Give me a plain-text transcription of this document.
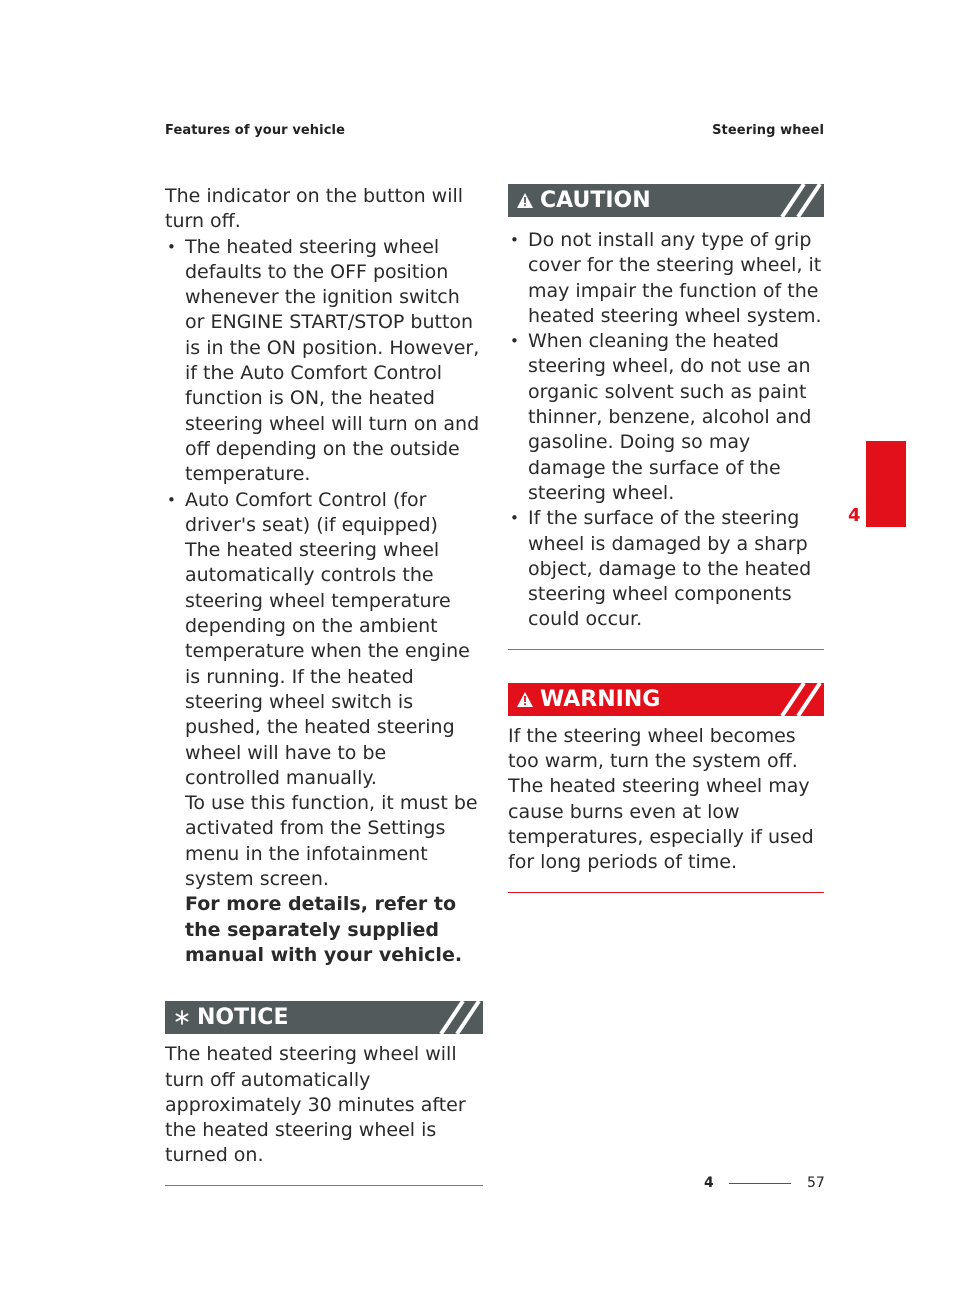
Features of your vehicle	Steering wheel

The indicator on the button will turn off.

• The heated steering wheel defaults to the OFF position whenever the ignition switch or ENGINE START/STOP button is in the ON position. However, if the Auto Comfort Control function is ON, the heated steering wheel will turn on and off depending on the outside temperature.
• Auto Comfort Control (for driver's seat) (if equipped)
The heated steering wheel automatically controls the steering wheel temperature depending on the ambient temperature when the engine is running. If the heated steering wheel switch is pushed, the heated steering wheel will have to be controlled manually.
To use this function, it must be activated from the Settings menu in the infotainment system screen.
For more details, refer to the separately supplied manual with your vehicle.
NOTICE

The heated steering wheel will turn off automatically approximately 30 minutes after the heated steering wheel is turned on.

CAUTION
• Do not install any type of grip cover for the steering wheel, it may impair the function of the heated steering wheel system.
• When cleaning the heated steering wheel, do not use an organic solvent such as paint thinner, benzene, alcohol and gasoline. Doing so may damage the surface of the steering wheel.
• If the surface of the steering wheel is damaged by a sharp object, damage to the heated steering wheel components could occur.
WARNING

If the steering wheel becomes too warm, turn the system off. The heated steering wheel may cause burns even at low temperatures, especially if used for long periods of time.

4
4	57
